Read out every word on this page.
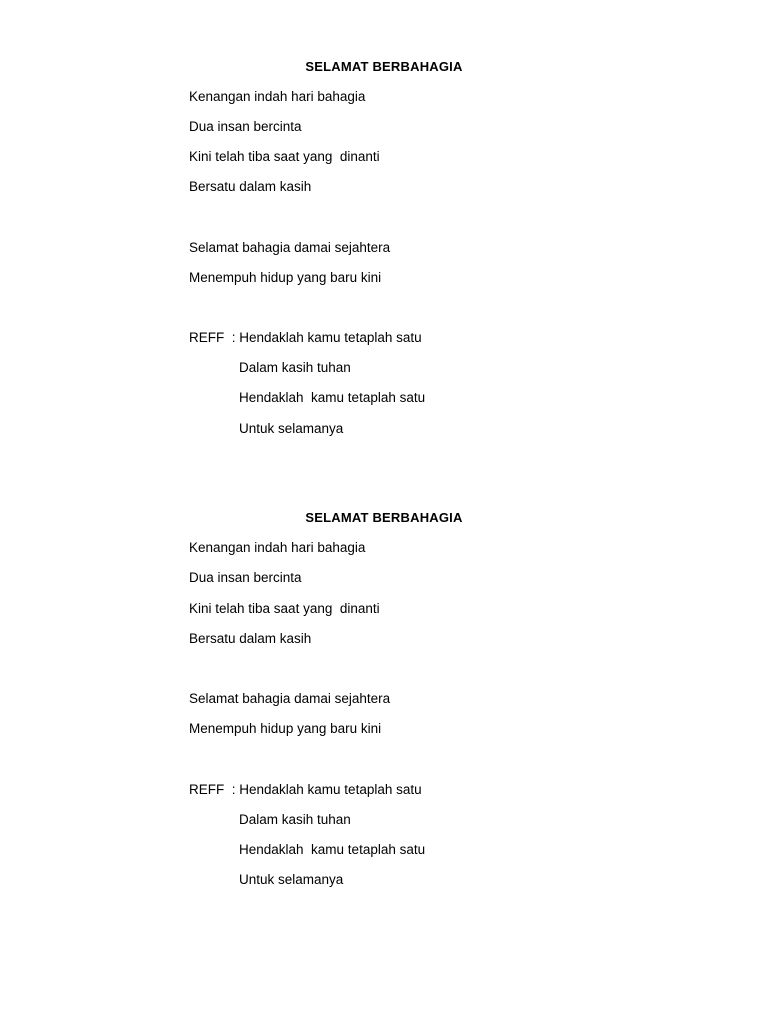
SELAMAT BERBAHAGIA

Kenangan indah hari bahagia

Dua insan bercinta

Kini telah tiba saat yang  dinanti

Bersatu dalam kasih

Selamat bahagia damai sejahtera

Menempuh hidup yang baru kini

REFF  : Hendaklah kamu tetaplah satu

Dalam kasih tuhan

Hendaklah  kamu tetaplah satu

Untuk selamanya

SELAMAT BERBAHAGIA

Kenangan indah hari bahagia

Dua insan bercinta

Kini telah tiba saat yang  dinanti

Bersatu dalam kasih

Selamat bahagia damai sejahtera

Menempuh hidup yang baru kini

REFF  : Hendaklah kamu tetaplah satu

Dalam kasih tuhan

Hendaklah  kamu tetaplah satu

Untuk selamanya
